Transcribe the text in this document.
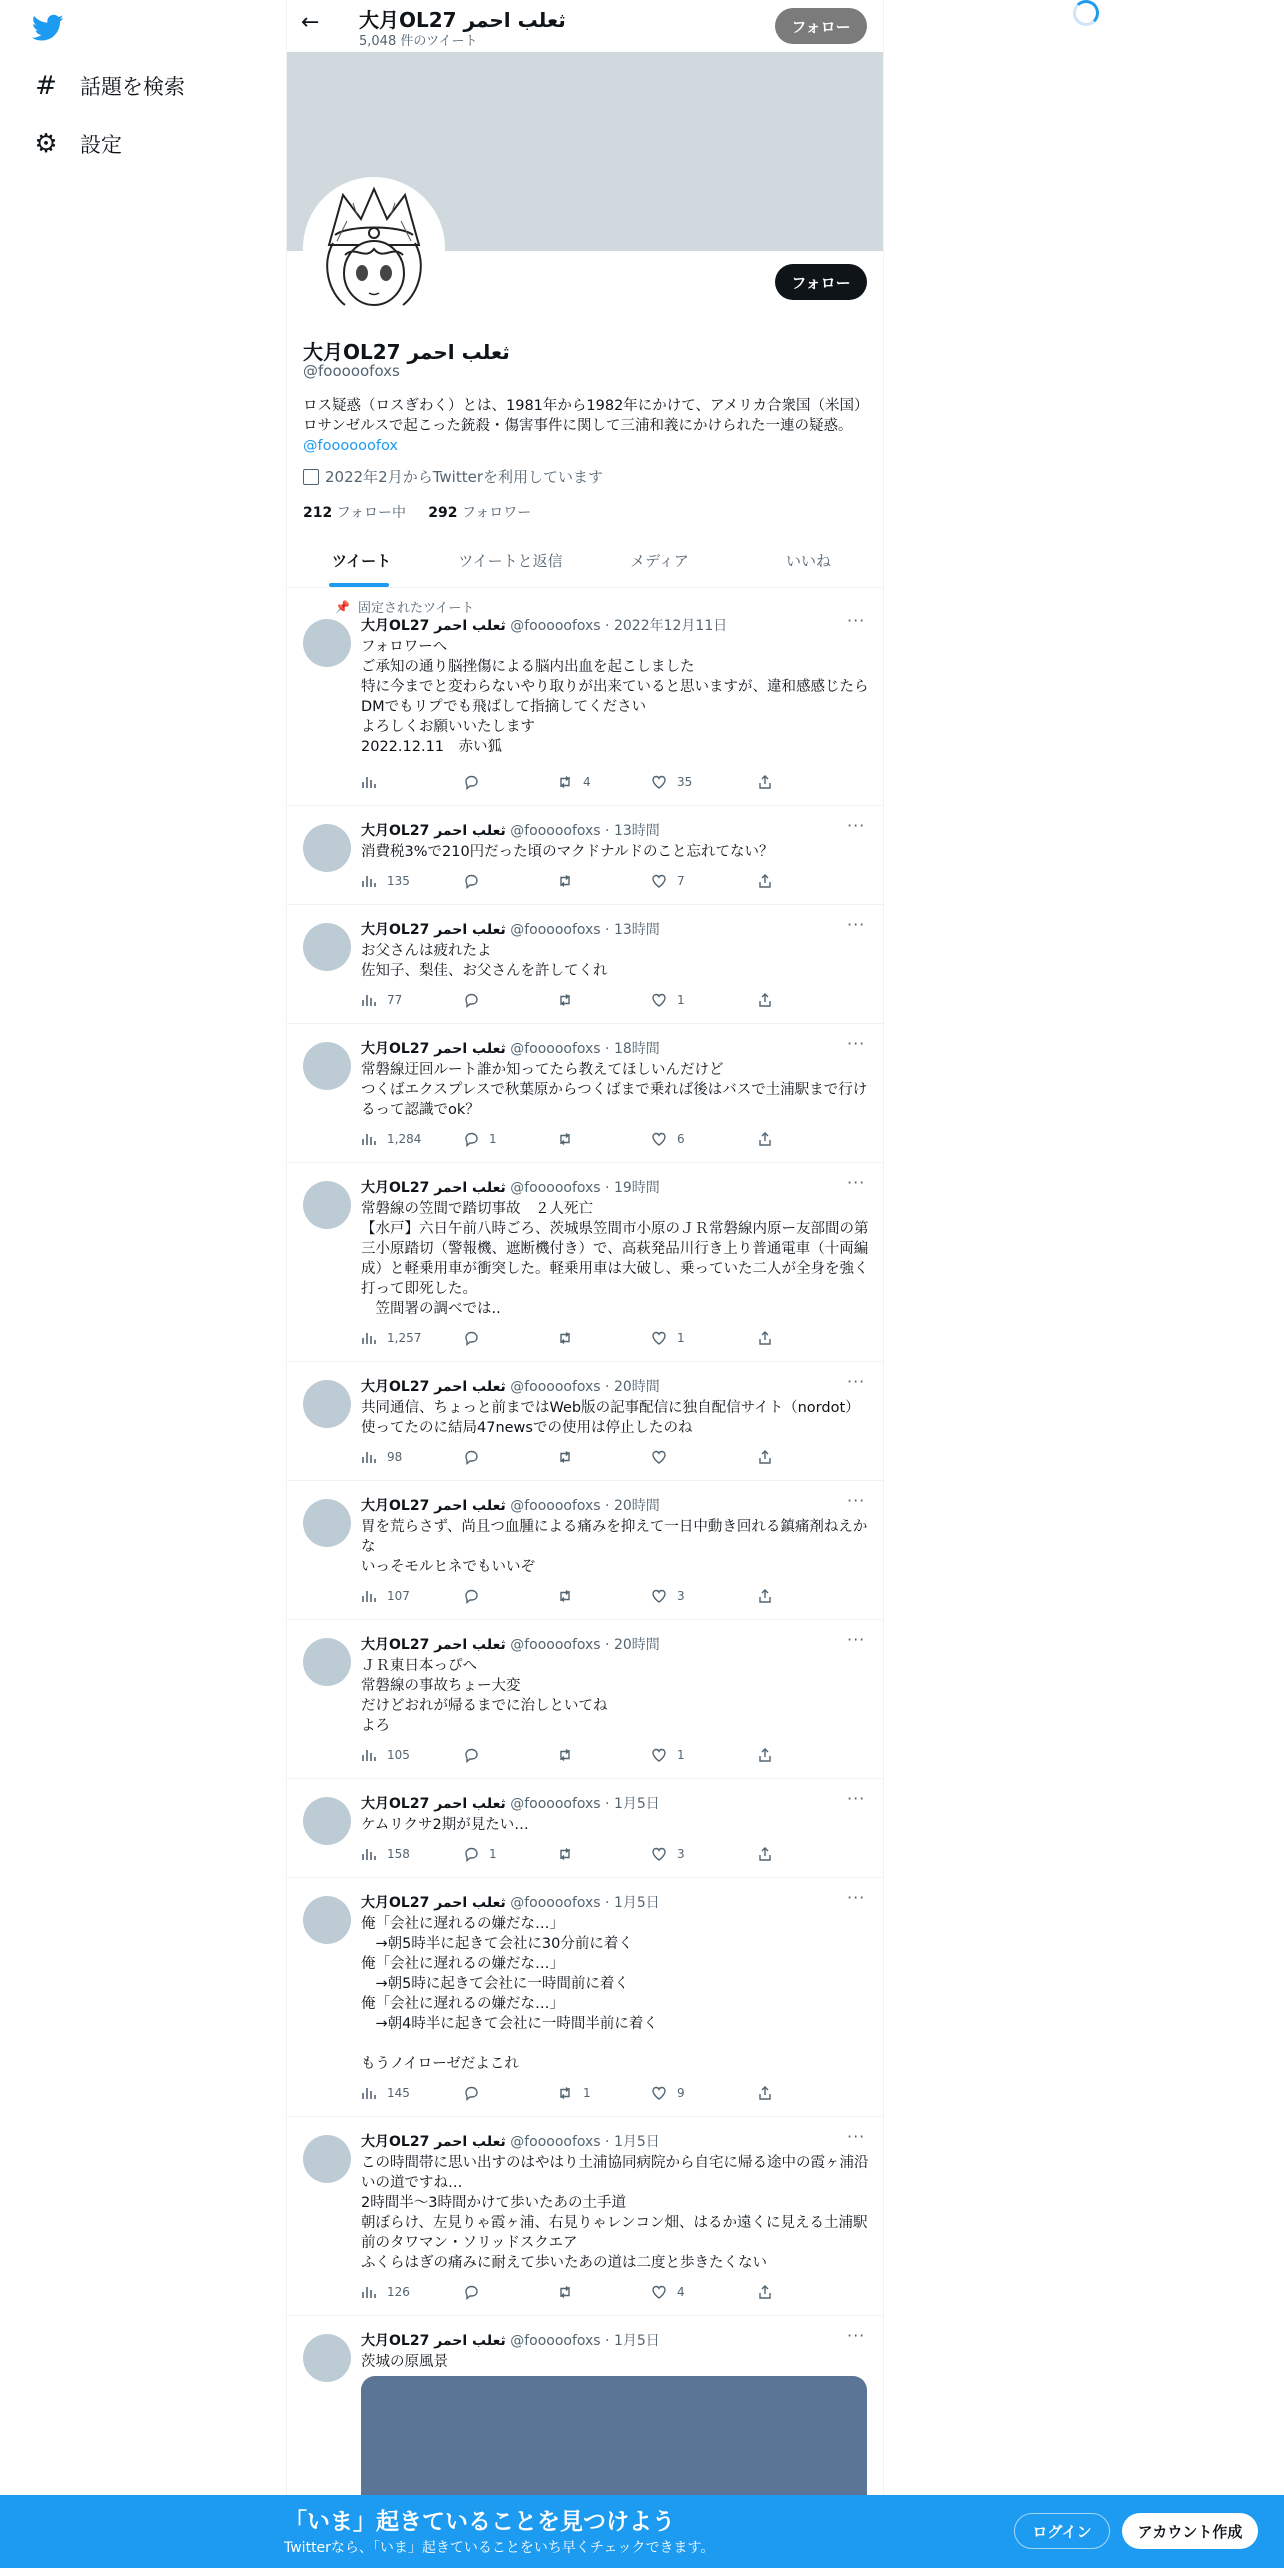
# 話題を検索
⚙ 設定
← 大月OL27 ثعلب احمر
5,048 件のツイート
フォロー
フォロー
大月OL27 ثعلب احمر
@fooooofoxs
ロス疑惑（ロスぎわく）とは、1981年から1982年にかけて、アメリカ合衆国（米国）ロサンゼルスで起こった銃殺・傷害事件に関して三浦和義にかけられた一連の疑惑。 @foooooofox
2022年2月からTwitterを利用しています
212 フォロー中 292 フォロワー
ツイート	ツイートと返信	メディア	いいね
📌 固定されたツイート
大月OL27 ثعلب احمر @fooooofoxs · 2022年12月11日	···
フォロワーへ
ご承知の通り脳挫傷による脳内出血を起こしました
特に今までと変わらないやり取りが出来ていると思いますが、違和感感じたらDMでもリプでも飛ばして指摘してください
よろしくお願いいたします
2022.12.11　赤い狐
4	35
大月OL27 ثعلب احمر @fooooofoxs · 13時間	···
消費税3%で210円だった頃のマクドナルドのこと忘れてない？
135	7
大月OL27 ثعلب احمر @fooooofoxs · 13時間	···
お父さんは疲れたよ
佐知子、梨佳、お父さんを許してくれ
77	1
大月OL27 ثعلب احمر @fooooofoxs · 18時間	···
常磐線迂回ルート誰か知ってたら教えてほしいんだけど
つくばエクスプレスで秋葉原からつくばまで乗れば後はバスで土浦駅まで行けるって認識でok？
1,284	1	6
大月OL27 ثعلب احمر @fooooofoxs · 19時間	···
常磐線の笠間で踏切事故　２人死亡
【水戸】六日午前八時ごろ、茨城県笠間市小原のＪＲ常磐線内原ー友部間の第三小原踏切（警報機、遮断機付き）で、高萩発品川行き上り普通電車（十両編成）と軽乗用車が衝突した。軽乗用車は大破し、乗っていた二人が全身を強く打って即死した。
　笠間署の調べでは..
1,257	1
大月OL27 ثعلب احمر @fooooofoxs · 20時間	···
共同通信、ちょっと前まではWeb版の記事配信に独自配信サイト（nordot）使ってたのに結局47newsでの使用は停止したのね
98
大月OL27 ثعلب احمر @fooooofoxs · 20時間	···
胃を荒らさず、尚且つ血腫による痛みを抑えて一日中動き回れる鎮痛剤ねえかな
いっそモルヒネでもいいぞ
107	3
大月OL27 ثعلب احمر @fooooofoxs · 20時間	···
ＪＲ東日本っぴへ
常磐線の事故ちょー大変
だけどおれが帰るまでに治しといてね
よろ
105	1
大月OL27 ثعلب احمر @fooooofoxs · 1月5日	···
ケムリクサ2期が見たい…
158	1	3
大月OL27 ثعلب احمر @fooooofoxs · 1月5日	···
俺「会社に遅れるの嫌だな…」
　→朝5時半に起きて会社に30分前に着く
俺「会社に遅れるの嫌だな…」
　→朝5時に起きて会社に一時間前に着く
俺「会社に遅れるの嫌だな…」
　→朝4時半に起きて会社に一時間半前に着く

もうノイローゼだよこれ
145	1	9
大月OL27 ثعلب احمر @fooooofoxs · 1月5日	···
この時間帯に思い出すのはやはり土浦協同病院から自宅に帰る途中の霞ヶ浦沿いの道ですね…
2時間半～3時間かけて歩いたあの土手道
朝ぼらけ、左見りゃ霞ヶ浦、右見りゃレンコン畑、はるか遠くに見える土浦駅前のタワマン・ソリッドスクエア
ふくらはぎの痛みに耐えて歩いたあの道は二度と歩きたくない
126	4
大月OL27 ثعلب احمر @fooooofoxs · 1月5日	···
茨城の原風景
「いま」起きていることを見つけよう
Twitterなら、「いま」起きていることをいち早くチェックできます。
ログイン	アカウント作成
